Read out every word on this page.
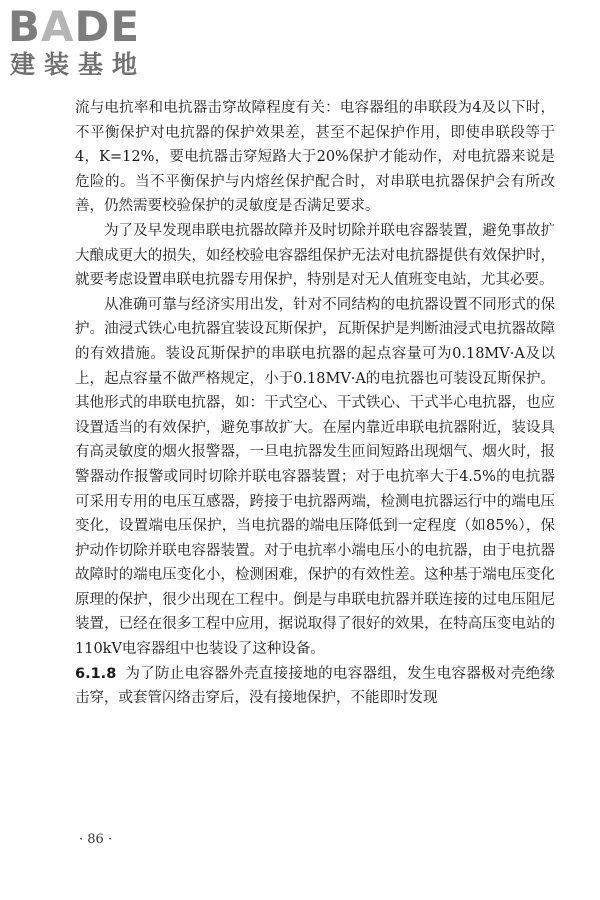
BADE
建装基地

流与电抗率和电抗器击穿故障程度有关：电容器组的串联段为4及以下时，不平衡保护对电抗器的保护效果差，甚至不起保护作用，即使串联段等于4，K=12%，要电抗器击穿短路大于20%保护才能动作，对电抗器来说是危险的。当不平衡保护与内熔丝保护配合时，对串联电抗器保护会有所改善，仍然需要校验保护的灵敏度是否满足要求。

为了及早发现串联电抗器故障并及时切除并联电容器装置，避免事故扩大酿成更大的损失，如经校验电容器组保护无法对电抗器提供有效保护时，就要考虑设置串联电抗器专用保护，特别是对无人值班变电站，尤其必要。

从准确可靠与经济实用出发，针对不同结构的电抗器设置不同形式的保护。油浸式铁心电抗器宜装设瓦斯保护，瓦斯保护是判断油浸式电抗器故障的有效措施。装设瓦斯保护的串联电抗器的起点容量可为0.18MV·A及以上，起点容量不做严格规定，小于0.18MV·A的电抗器也可装设瓦斯保护。其他形式的串联电抗器，如：干式空心、干式铁心、干式半心电抗器，也应设置适当的有效保护，避免事故扩大。在屋内靠近串联电抗器附近，装设具有高灵敏度的烟火报警器，一旦电抗器发生匝间短路出现烟气、烟火时，报警器动作报警或同时切除并联电容器装置；对于电抗率大于4.5%的电抗器可采用专用的电压互感器，跨接于电抗器两端，检测电抗器运行中的端电压变化，设置端电压保护，当电抗器的端电压降低到一定程度（如85%），保护动作切除并联电容器装置。对于电抗率小端电压小的电抗器，由于电抗器故障时的端电压变化小，检测困难，保护的有效性差。这种基于端电压变化原理的保护，很少出现在工程中。倒是与串联电抗器并联连接的过电压阻尼装置，已经在很多工程中应用，据说取得了很好的效果，在特高压变电站的110kV电容器组中也装设了这种设备。

6.1.8 为了防止电容器外壳直接接地的电容器组，发生电容器极对壳绝缘击穿，或套管闪络击穿后，没有接地保护，不能即时发现

· 86 ·
